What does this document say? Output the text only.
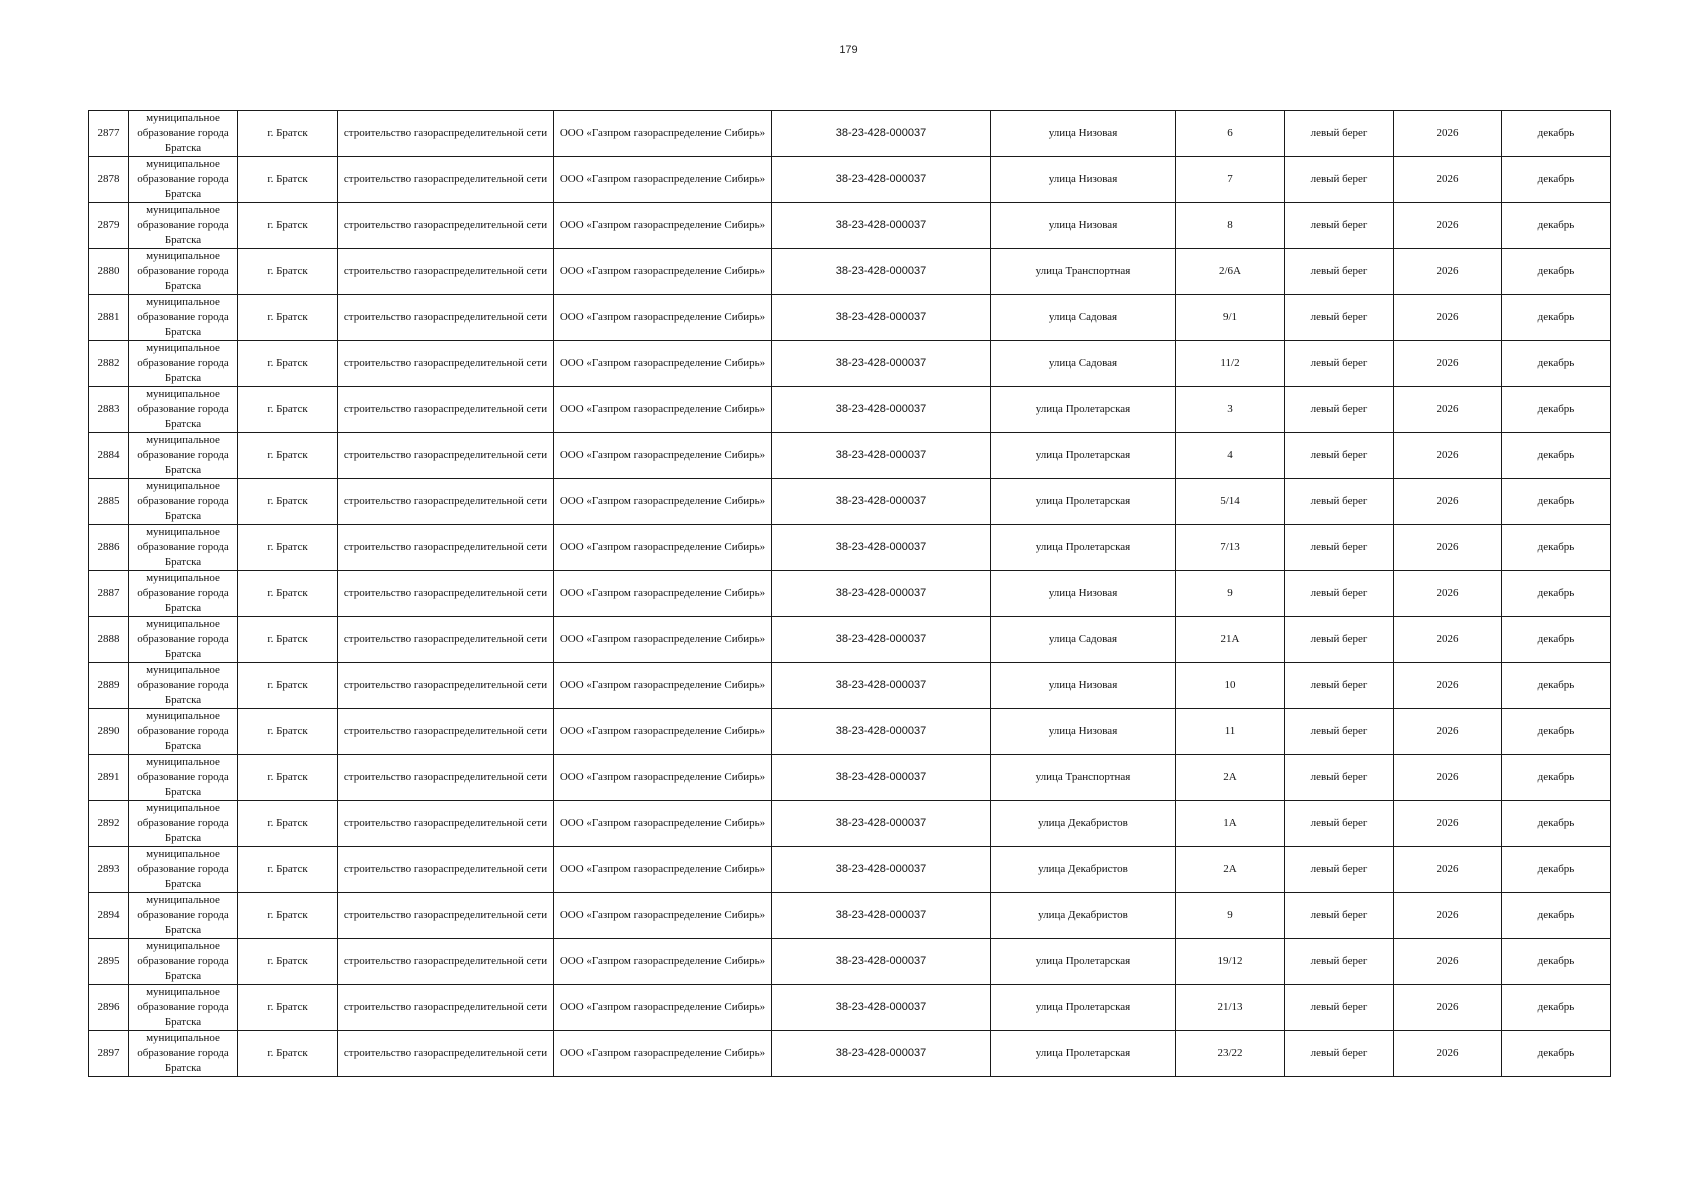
179
2877	муниципальное образование города Братска	г. Братск	строительство газораспределительной сети	ООО «Газпром газораспределение Сибирь»	38-23-428-000037	улица Низовая	6	левый берег	2026	декабрь
2878	муниципальное образование города Братска	г. Братск	строительство газораспределительной сети	ООО «Газпром газораспределение Сибирь»	38-23-428-000037	улица Низовая	7	левый берег	2026	декабрь
2879	муниципальное образование города Братска	г. Братск	строительство газораспределительной сети	ООО «Газпром газораспределение Сибирь»	38-23-428-000037	улица Низовая	8	левый берег	2026	декабрь
2880	муниципальное образование города Братска	г. Братск	строительство газораспределительной сети	ООО «Газпром газораспределение Сибирь»	38-23-428-000037	улица Транспортная	2/6А	левый берег	2026	декабрь
2881	муниципальное образование города Братска	г. Братск	строительство газораспределительной сети	ООО «Газпром газораспределение Сибирь»	38-23-428-000037	улица Садовая	9/1	левый берег	2026	декабрь
2882	муниципальное образование города Братска	г. Братск	строительство газораспределительной сети	ООО «Газпром газораспределение Сибирь»	38-23-428-000037	улица Садовая	11/2	левый берег	2026	декабрь
2883	муниципальное образование города Братска	г. Братск	строительство газораспределительной сети	ООО «Газпром газораспределение Сибирь»	38-23-428-000037	улица Пролетарская	3	левый берег	2026	декабрь
2884	муниципальное образование города Братска	г. Братск	строительство газораспределительной сети	ООО «Газпром газораспределение Сибирь»	38-23-428-000037	улица Пролетарская	4	левый берег	2026	декабрь
2885	муниципальное образование города Братска	г. Братск	строительство газораспределительной сети	ООО «Газпром газораспределение Сибирь»	38-23-428-000037	улица Пролетарская	5/14	левый берег	2026	декабрь
2886	муниципальное образование города Братска	г. Братск	строительство газораспределительной сети	ООО «Газпром газораспределение Сибирь»	38-23-428-000037	улица Пролетарская	7/13	левый берег	2026	декабрь
2887	муниципальное образование города Братска	г. Братск	строительство газораспределительной сети	ООО «Газпром газораспределение Сибирь»	38-23-428-000037	улица Низовая	9	левый берег	2026	декабрь
2888	муниципальное образование города Братска	г. Братск	строительство газораспределительной сети	ООО «Газпром газораспределение Сибирь»	38-23-428-000037	улица Садовая	21А	левый берег	2026	декабрь
2889	муниципальное образование города Братска	г. Братск	строительство газораспределительной сети	ООО «Газпром газораспределение Сибирь»	38-23-428-000037	улица Низовая	10	левый берег	2026	декабрь
2890	муниципальное образование города Братска	г. Братск	строительство газораспределительной сети	ООО «Газпром газораспределение Сибирь»	38-23-428-000037	улица Низовая	11	левый берег	2026	декабрь
2891	муниципальное образование города Братска	г. Братск	строительство газораспределительной сети	ООО «Газпром газораспределение Сибирь»	38-23-428-000037	улица Транспортная	2А	левый берег	2026	декабрь
2892	муниципальное образование города Братска	г. Братск	строительство газораспределительной сети	ООО «Газпром газораспределение Сибирь»	38-23-428-000037	улица Декабристов	1А	левый берег	2026	декабрь
2893	муниципальное образование города Братска	г. Братск	строительство газораспределительной сети	ООО «Газпром газораспределение Сибирь»	38-23-428-000037	улица Декабристов	2А	левый берег	2026	декабрь
2894	муниципальное образование города Братска	г. Братск	строительство газораспределительной сети	ООО «Газпром газораспределение Сибирь»	38-23-428-000037	улица Декабристов	9	левый берег	2026	декабрь
2895	муниципальное образование города Братска	г. Братск	строительство газораспределительной сети	ООО «Газпром газораспределение Сибирь»	38-23-428-000037	улица Пролетарская	19/12	левый берег	2026	декабрь
2896	муниципальное образование города Братска	г. Братск	строительство газораспределительной сети	ООО «Газпром газораспределение Сибирь»	38-23-428-000037	улица Пролетарская	21/13	левый берег	2026	декабрь
2897	муниципальное образование города Братска	г. Братск	строительство газораспределительной сети	ООО «Газпром газораспределение Сибирь»	38-23-428-000037	улица Пролетарская	23/22	левый берег	2026	декабрь
